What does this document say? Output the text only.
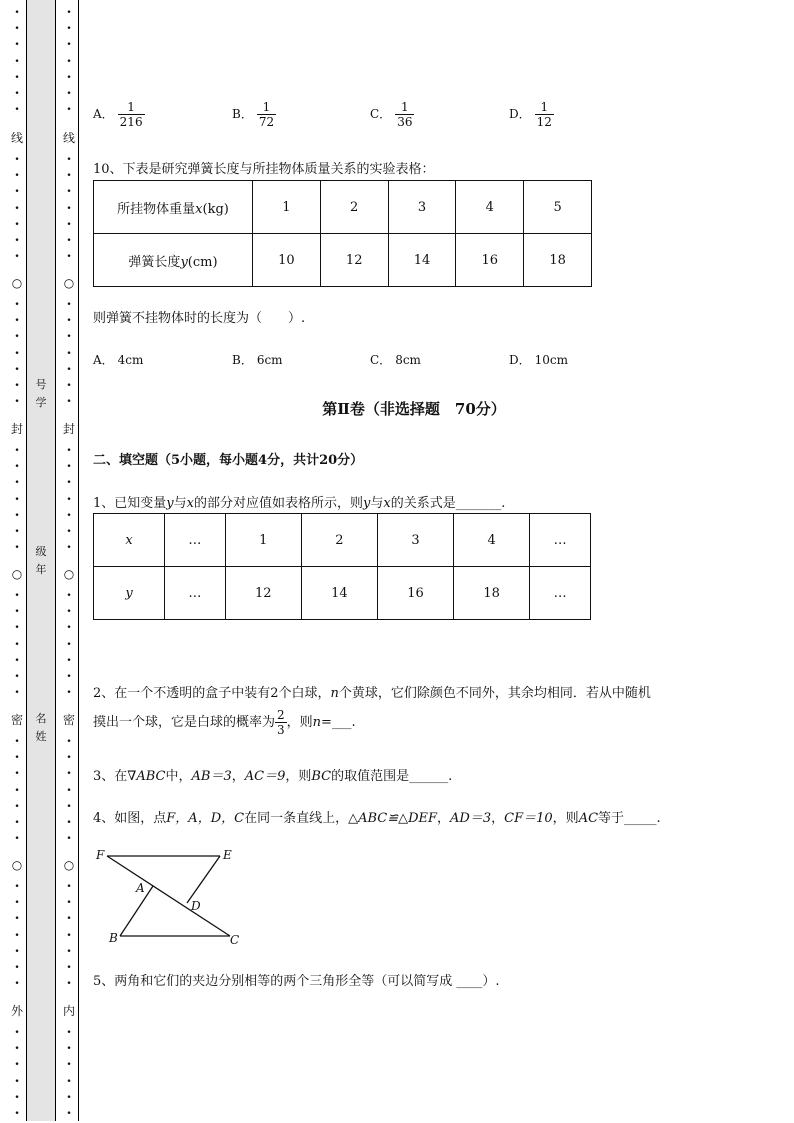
•
•
•
•
•
•
•
线
•
•
•
•
•
•
•
○
•
•
•
•
•
•
•
封
•
•
•
•
•
•
•
○
•
•
•
•
•
•
•
密
•
•
•
•
•
•
•
○
•
•
•
•
•
•
•
外
•
•
•
•
•
•
•
•
•
•
•
•
•
线
•
•
•
•
•
•
•
○
•
•
•
•
•
•
•
封
•
•
•
•
•
•
•
○
•
•
•
•
•
•
•
密
•
•
•
•
•
•
•
○
•
•
•
•
•
•
•
内
•
•
•
•
•
•
号
学
级
年
名
姓
A． $\frac{1}{216}$	B． $\frac{1}{72}$	C． $\frac{1}{36}$	D． $\frac{1}{12}$
10、下表是研究弹簧长度与所挂物体质量关系的实验表格：
所挂物体重量x(kg)	1	2	3	4	5
弹簧长度y(cm)	10	12	14	16	18
则弹簧不挂物体时的长度为（　　）.
A． 4cm	B． 6cm	C． 8cm	D． 10cm
第Ⅱ卷（非选择题　70分）
二、填空题（5小题，每小题4分，共计20分）
1、已知变量y与x的部分对应值如表格所示，则y与x的关系式是_______.
x	…	1	2	3	4	…
y	…	12	14	16	18	…
2、在一个不透明的盒子中装有2个白球，n个黄球，它们除颜色不同外，其余均相同．若从中随机
摸出一个球，它是白球的概率为 $\frac{2}{3}$ ，则n=___.
3、在∇ABC中，AB＝3，AC＝9，则BC的取值范围是______.
4、如图，点F，A，D，C在同一条直线上，△ABC≌△DEF，AD＝3，CF＝10，则AC等于_____.
F	E
A
D
B	C
5、两角和它们的夹边分别相等的两个三角形全等（可以简写成 ____）.
